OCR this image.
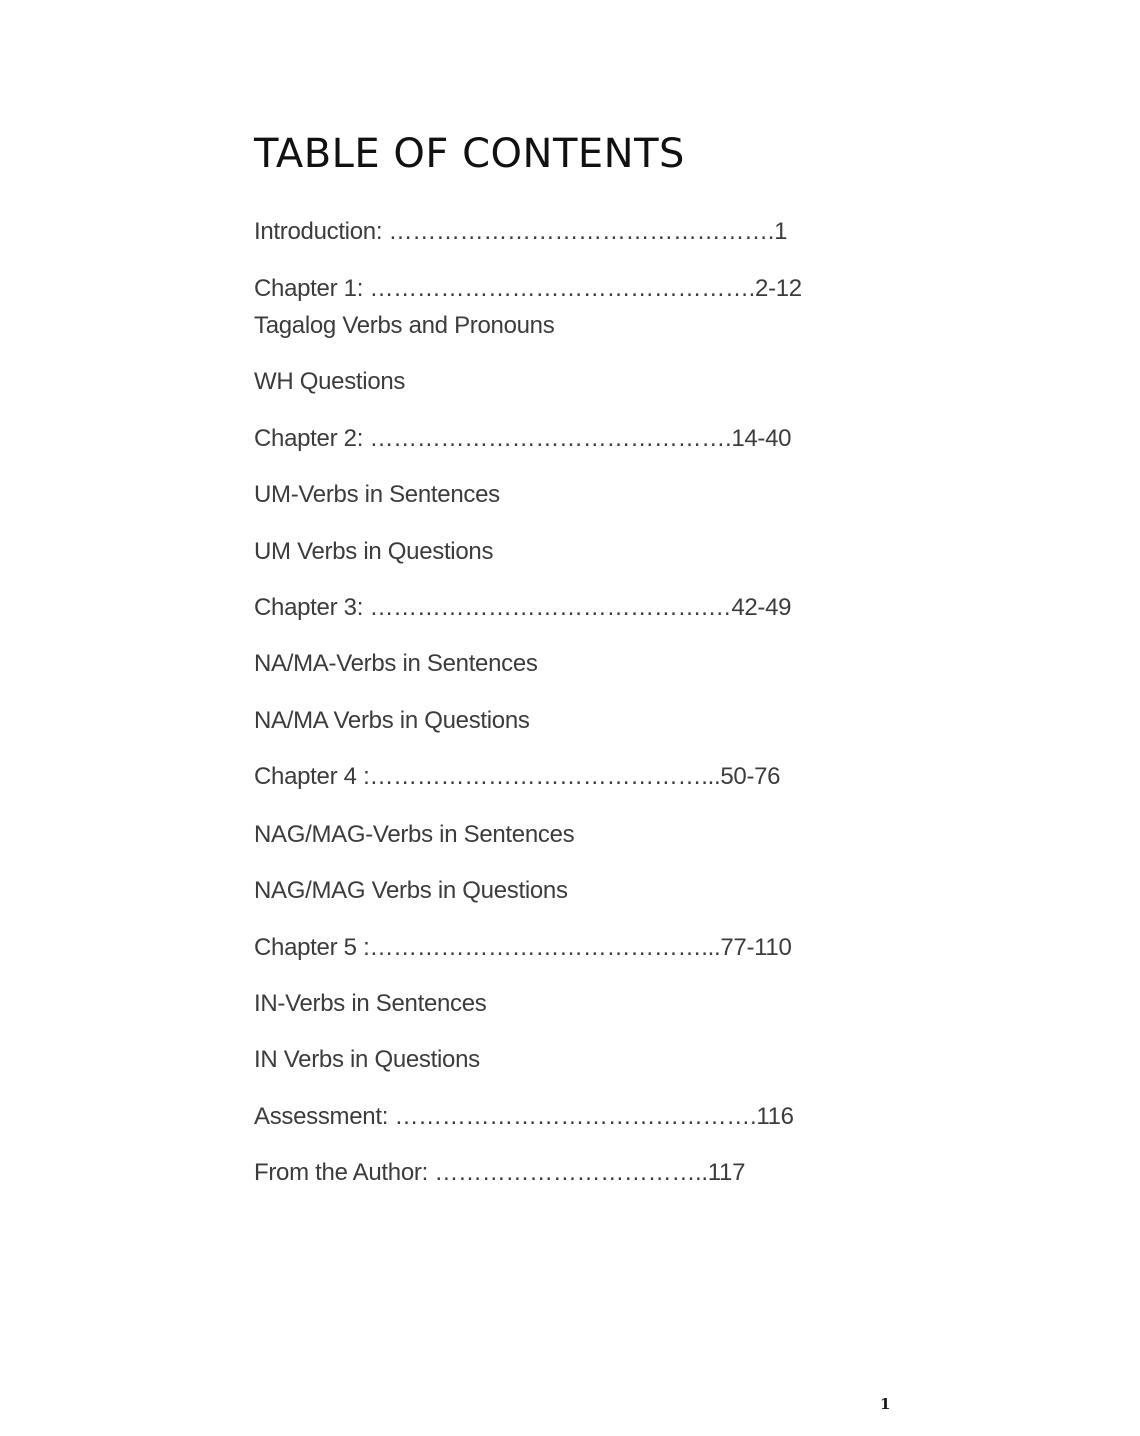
TABLE OF CONTENTS
Introduction: ………………………………………….1
Chapter 1: ………………………………………….2-12
Tagalog Verbs and Pronouns
WH Questions
Chapter 2: ……………………………………….14-40
UM-Verbs in Sentences
UM Verbs in Questions
Chapter 3: …………………………………….…42-49
NA/MA-Verbs in Sentences
NA/MA Verbs in Questions
Chapter 4 :……………………………………...50-76
NAG/MAG-Verbs in Sentences
NAG/MAG Verbs in Questions
Chapter 5 :……………………………………...77-110
IN-Verbs in Sentences
IN Verbs in Questions
Assessment: ……………………………………….116
From the Author: ……………………………..117
1
